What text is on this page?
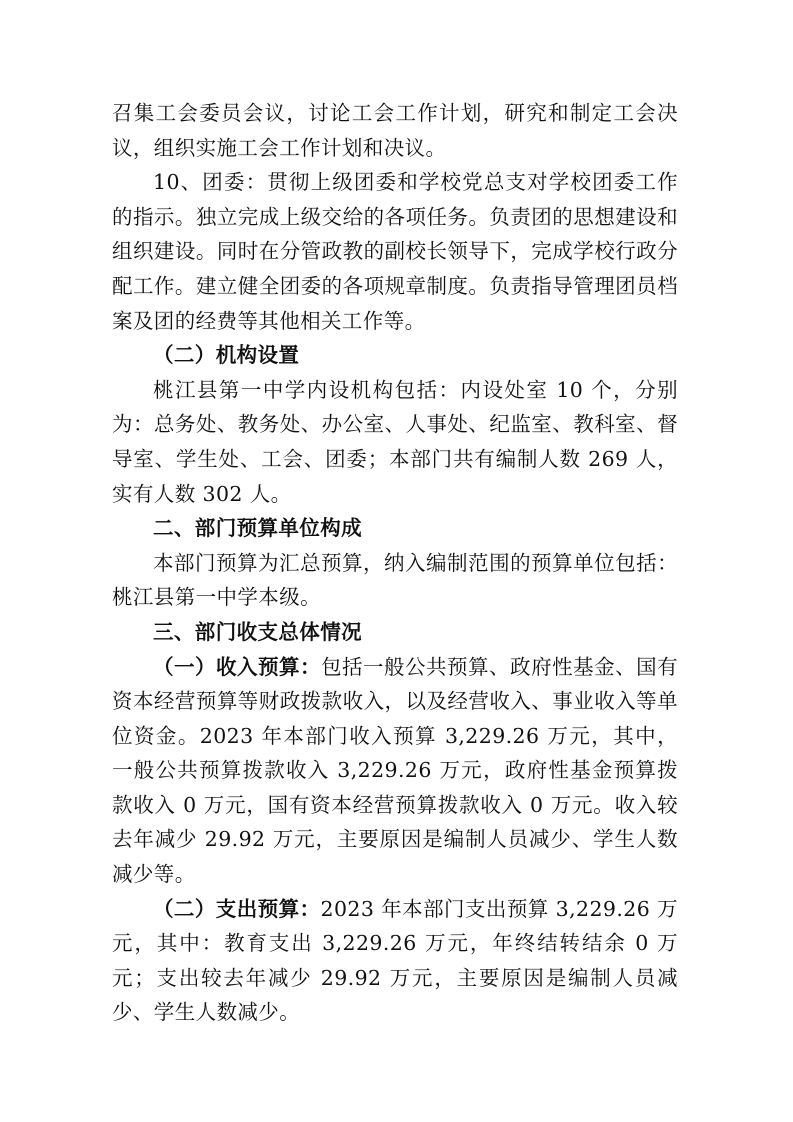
召集工会委员会议，讨论工会工作计划，研究和制定工会决议，组织实施工会工作计划和决议。

10、团委：贯彻上级团委和学校党总支对学校团委工作的指示。独立完成上级交给的各项任务。负责团的思想建设和组织建设。同时在分管政教的副校长领导下，完成学校行政分配工作。建立健全团委的各项规章制度。负责指导管理团员档案及团的经费等其他相关工作等。

（二）机构设置

桃江县第一中学内设机构包括：内设处室 10 个，分别为：总务处、教务处、办公室、人事处、纪监室、教科室、督导室、学生处、工会、团委；本部门共有编制人数 269 人，实有人数 302 人。

二、部门预算单位构成

本部门预算为汇总预算，纳入编制范围的预算单位包括：桃江县第一中学本级。

三、部门收支总体情况

（一）收入预算：包括一般公共预算、政府性基金、国有资本经营预算等财政拨款收入，以及经营收入、事业收入等单位资金。2023 年本部门收入预算 3,229.26 万元，其中，一般公共预算拨款收入 3,229.26 万元，政府性基金预算拨款收入 0 万元，国有资本经营预算拨款收入 0 万元。收入较去年减少 29.92 万元，主要原因是编制人员减少、学生人数减少等。

（二）支出预算：2023 年本部门支出预算 3,229.26 万元，其中：教育支出 3,229.26 万元，年终结转结余 0 万元；支出较去年减少 29.92 万元，主要原因是编制人员减少、学生人数减少。
